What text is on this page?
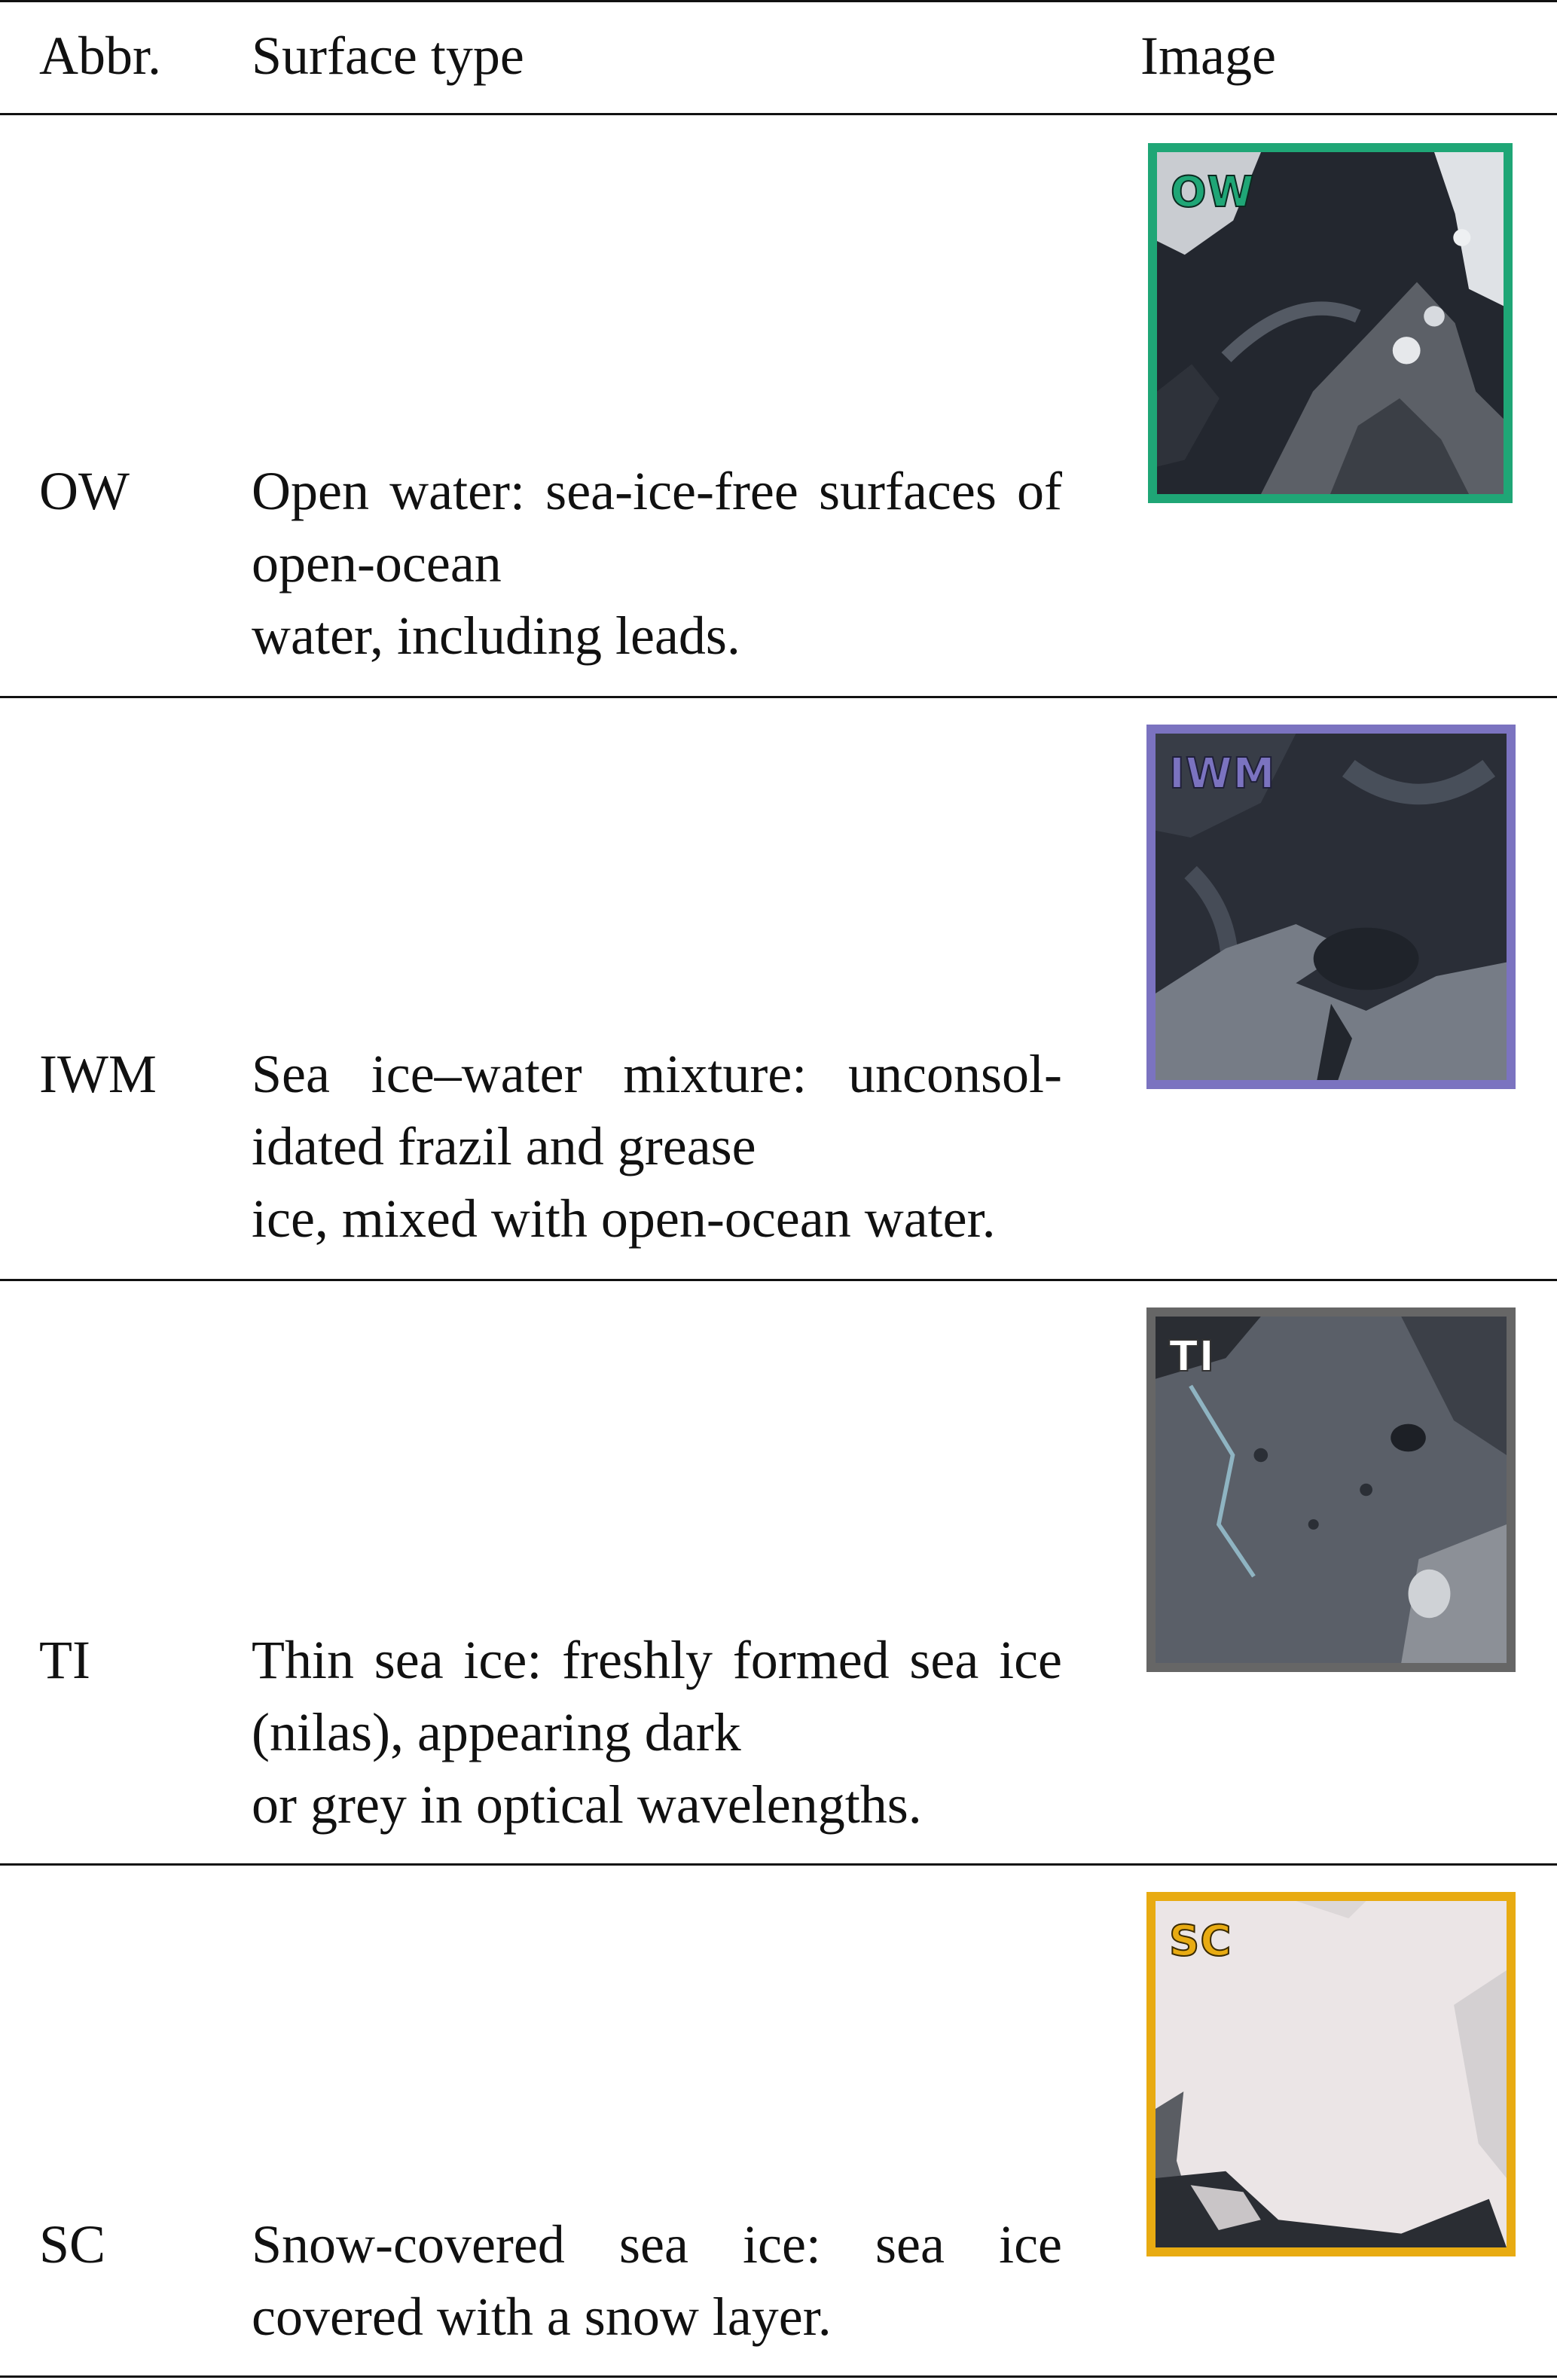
Abbr. Surface type	Image
OW Open water: sea-ice-free surfaces of open-ocean
water, including leads.
OW
IWM Sea ice–water mixture: unconsol-idated frazil and grease
ice, mixed with open-ocean water.
IWM
TI	Thin sea ice: freshly formed sea ice (nilas), appearing dark
or grey in optical wavelengths.
TI
SC	Snow-covered sea ice: sea ice covered with a snow layer.
SC
